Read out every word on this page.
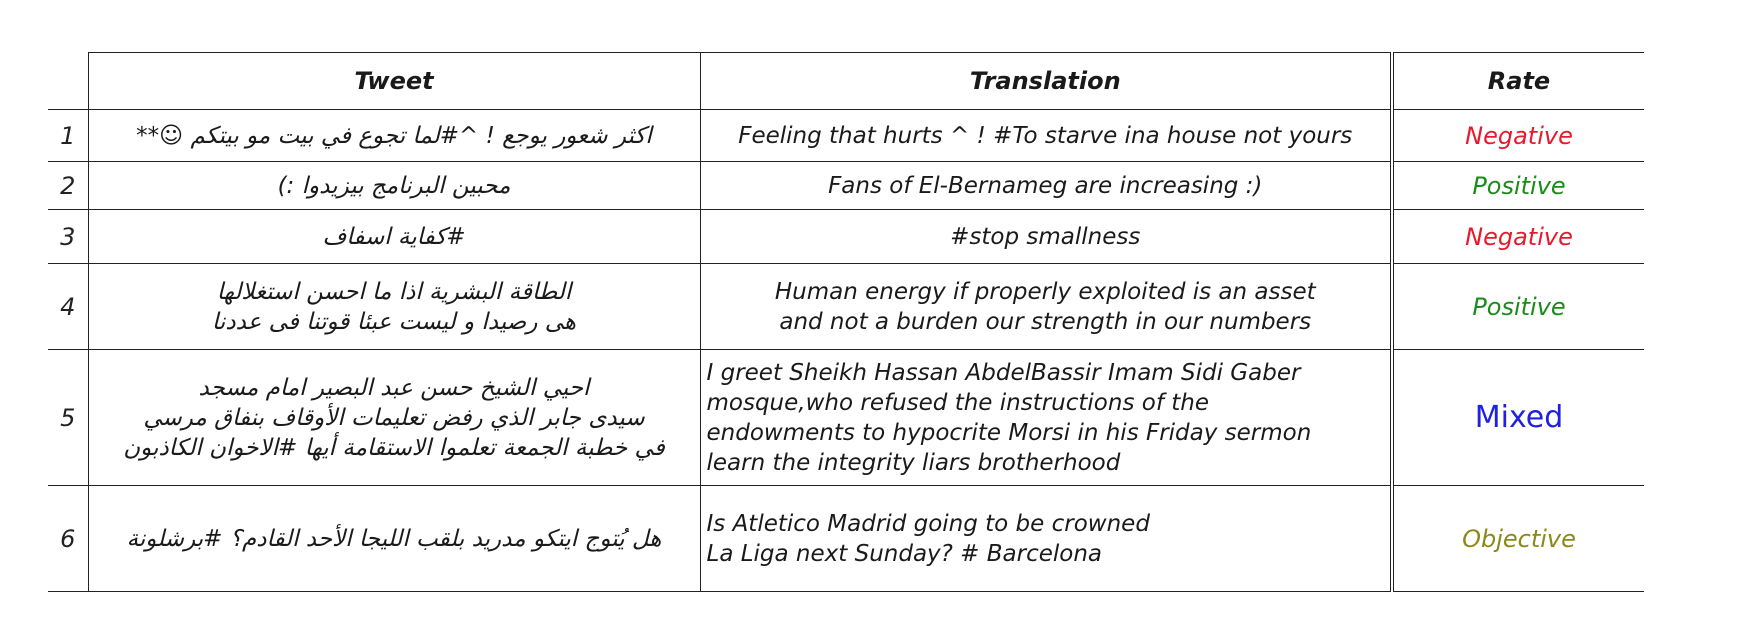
	Tweet	Translation	Rate
1	اكثر شعور يوجع ! ^#لما تجوع في بيت مو بيتكم ☺**	Feeling that hurts ^ ! #To starve ina house not yours	Negative
2	محبين البرنامج بيزيدوا :)	Fans of El-Bernameg are increasing :)	Positive
3	#كفاية اسفاف	#stop smallness	Negative
4	الطاقة البشرية اذا ما احسن استغلالها
هى رصيدا و ليست عبئا قوتنا فى عددنا	Human energy if properly exploited is an asset
and not a burden our strength in our numbers	Positive
5	احيي الشيخ حسن عبد البصير امام مسجد
سيدى جابر الذي رفض تعليمات الأوقاف بنفاق مرسي
في خطبة الجمعة تعلموا الاستقامة أيها #الاخوان الكاذبون	I greet Sheikh Hassan AbdelBassir Imam Sidi Gaber
mosque,who refused the instructions of the
endowments to hypocrite Morsi in his Friday sermon
learn the integrity liars brotherhood	Mixed
6	هل يُتوج ايتكو مدريد بلقب الليجا الأحد القادم؟ #برشلونة	Is Atletico Madrid going to be crowned
La Liga next Sunday? # Barcelona	Objective
